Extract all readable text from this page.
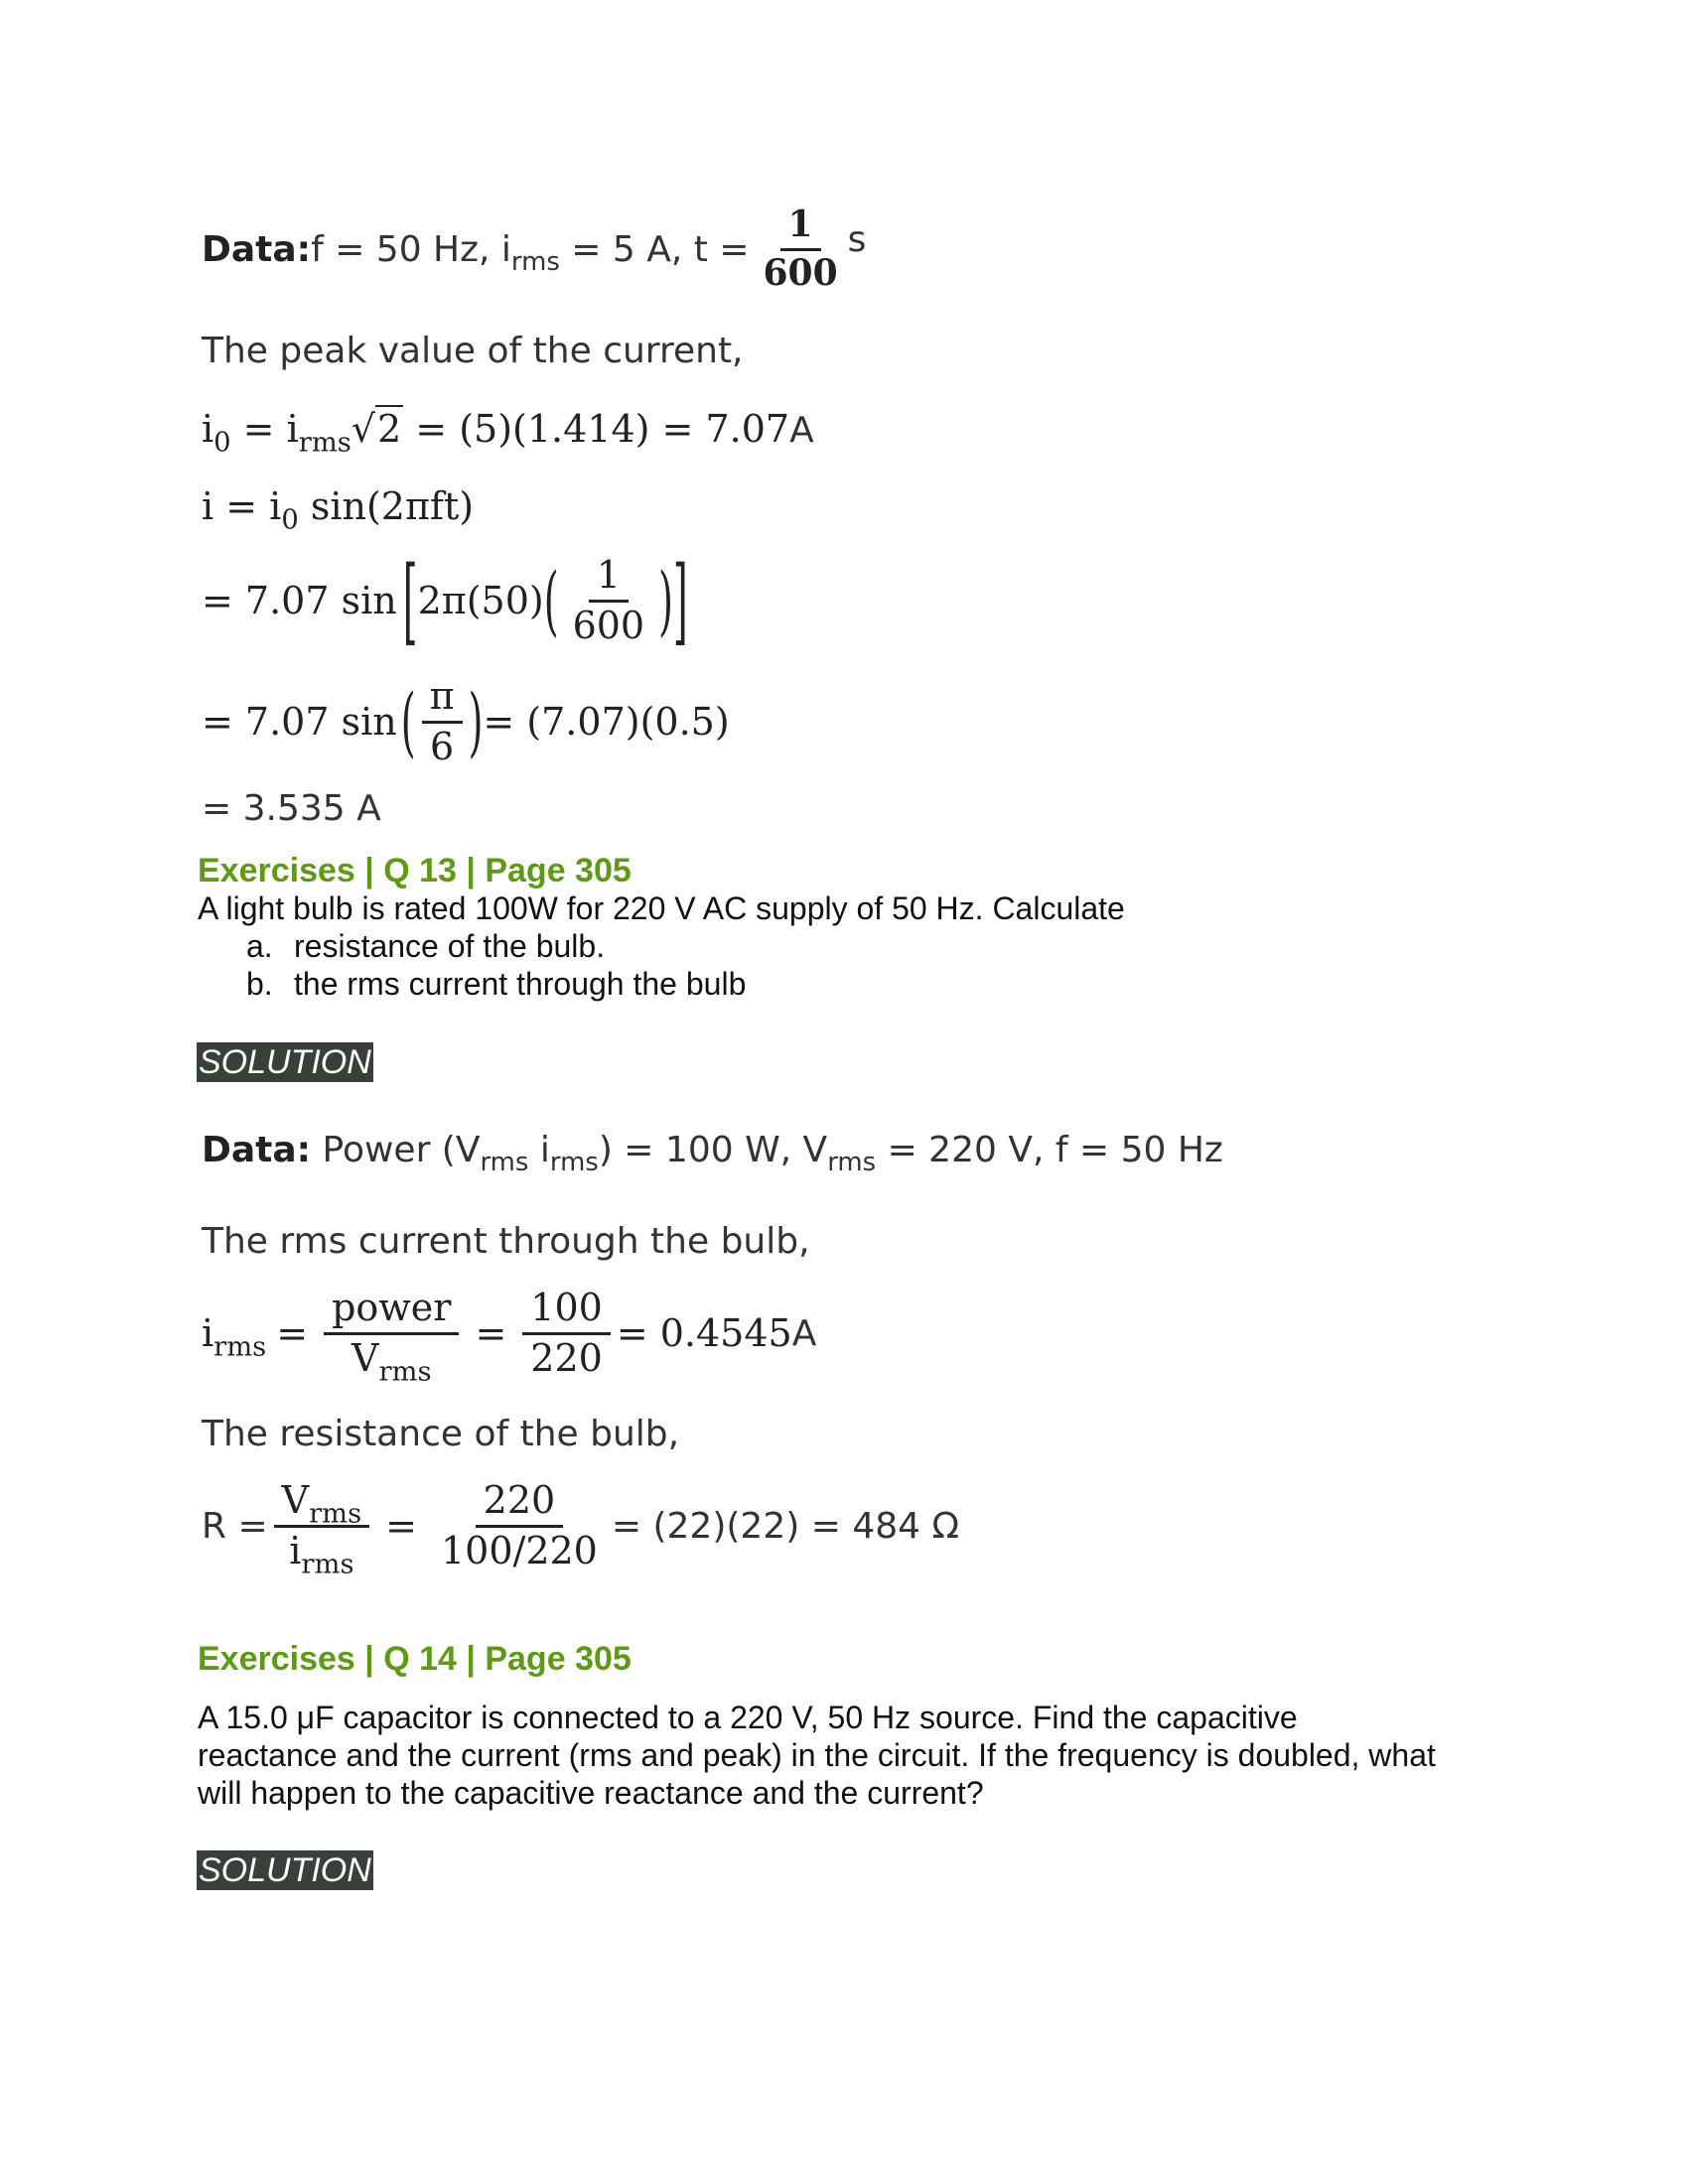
Data: f = 50 Hz, $i_{rms} = 5$ A, $t = \frac{1}{600}$ s
The peak value of the current,
$i_0 = i_{rms}√2 = (5)(1.414) = 7.07A$
$i = i_0$ sin(2πft)
= 7.07 sin [ 2π(50) ( $\frac{1}{600}$ ) ]
= 7.07 sin ( $\frac{\pi}{6}$ ) = (7.07)(0.5)
= 3.535 A
Exercises | Q 13 | Page 305
A light bulb is rated 100W for 220 V AC supply of 50 Hz. Calculate
a. resistance of the bulb.
b. the rms current through the bulb
SOLUTION
Data: Power ($V_{rms}$ $i_{rms}) = 100$ W, $V_{rms} = 220$ V, f = 50 Hz
The rms current through the bulb,
$i_{rms} = \frac{\text{power}}{V_{rms}} = \frac{100}{220} = 0.4545$ A
The resistance of the bulb,
$R = \frac{V_{rms}}{i_{rms}} = \frac{220}{100/220} = (22)(22) = 484$ Ω
Exercises | Q 14 | Page 305
A 15.0 μF capacitor is connected to a 220 V, 50 Hz source. Find the capacitive
reactance and the current (rms and peak) in the circuit. If the frequency is doubled, what
will happen to the capacitive reactance and the current?
SOLUTION
